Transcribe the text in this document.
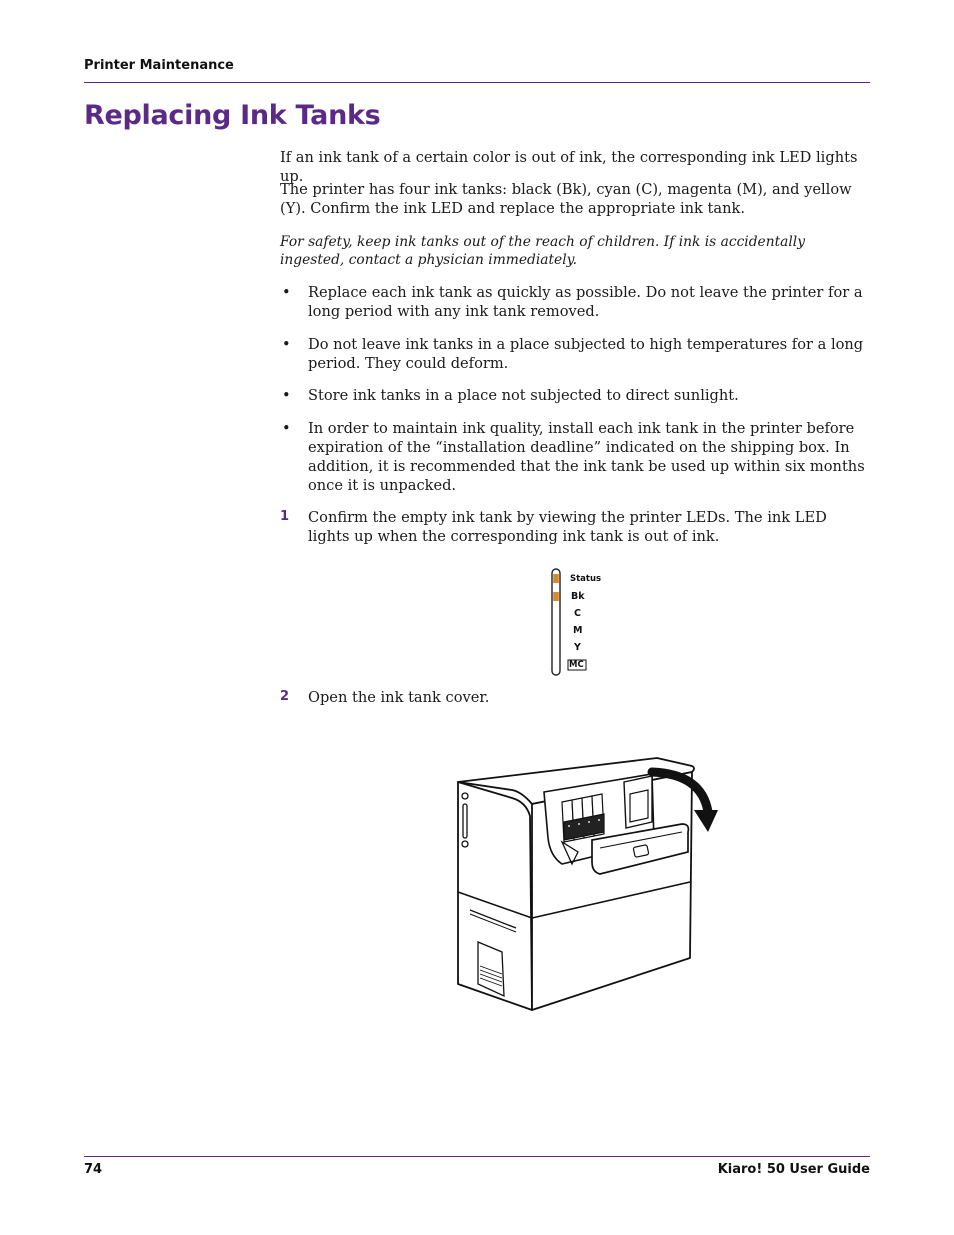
Printer Maintenance
Replacing Ink Tanks

If an ink tank of a certain color is out of ink, the corresponding ink LED lights up.

The printer has four ink tanks: black (Bk), cyan (C), magenta (M), and yellow (Y). Confirm the ink LED and replace the appropriate ink tank.

For safety, keep ink tanks out of the reach of children. If ink is accidentally ingested, contact a physician immediately.

• Replace each ink tank as quickly as possible. Do not leave the printer for a long period with any ink tank removed.

• Do not leave ink tanks in a place subjected to high temperatures for a long period. They could deform.

• Store ink tanks in a place not subjected to direct sunlight.

• In order to maintain ink quality, install each ink tank in the printer before expiration of the “installation deadline” indicated on the shipping box. In addition, it is recommended that the ink tank be used up within six months once it is unpacked.

1 Confirm the empty ink tank by viewing the printer LEDs. The ink LED lights up when the corresponding ink tank is out of ink.

Status
Bk
C
M
Y
MC
2 Open the ink tank cover.

74	Kiaro! 50 User Guide
